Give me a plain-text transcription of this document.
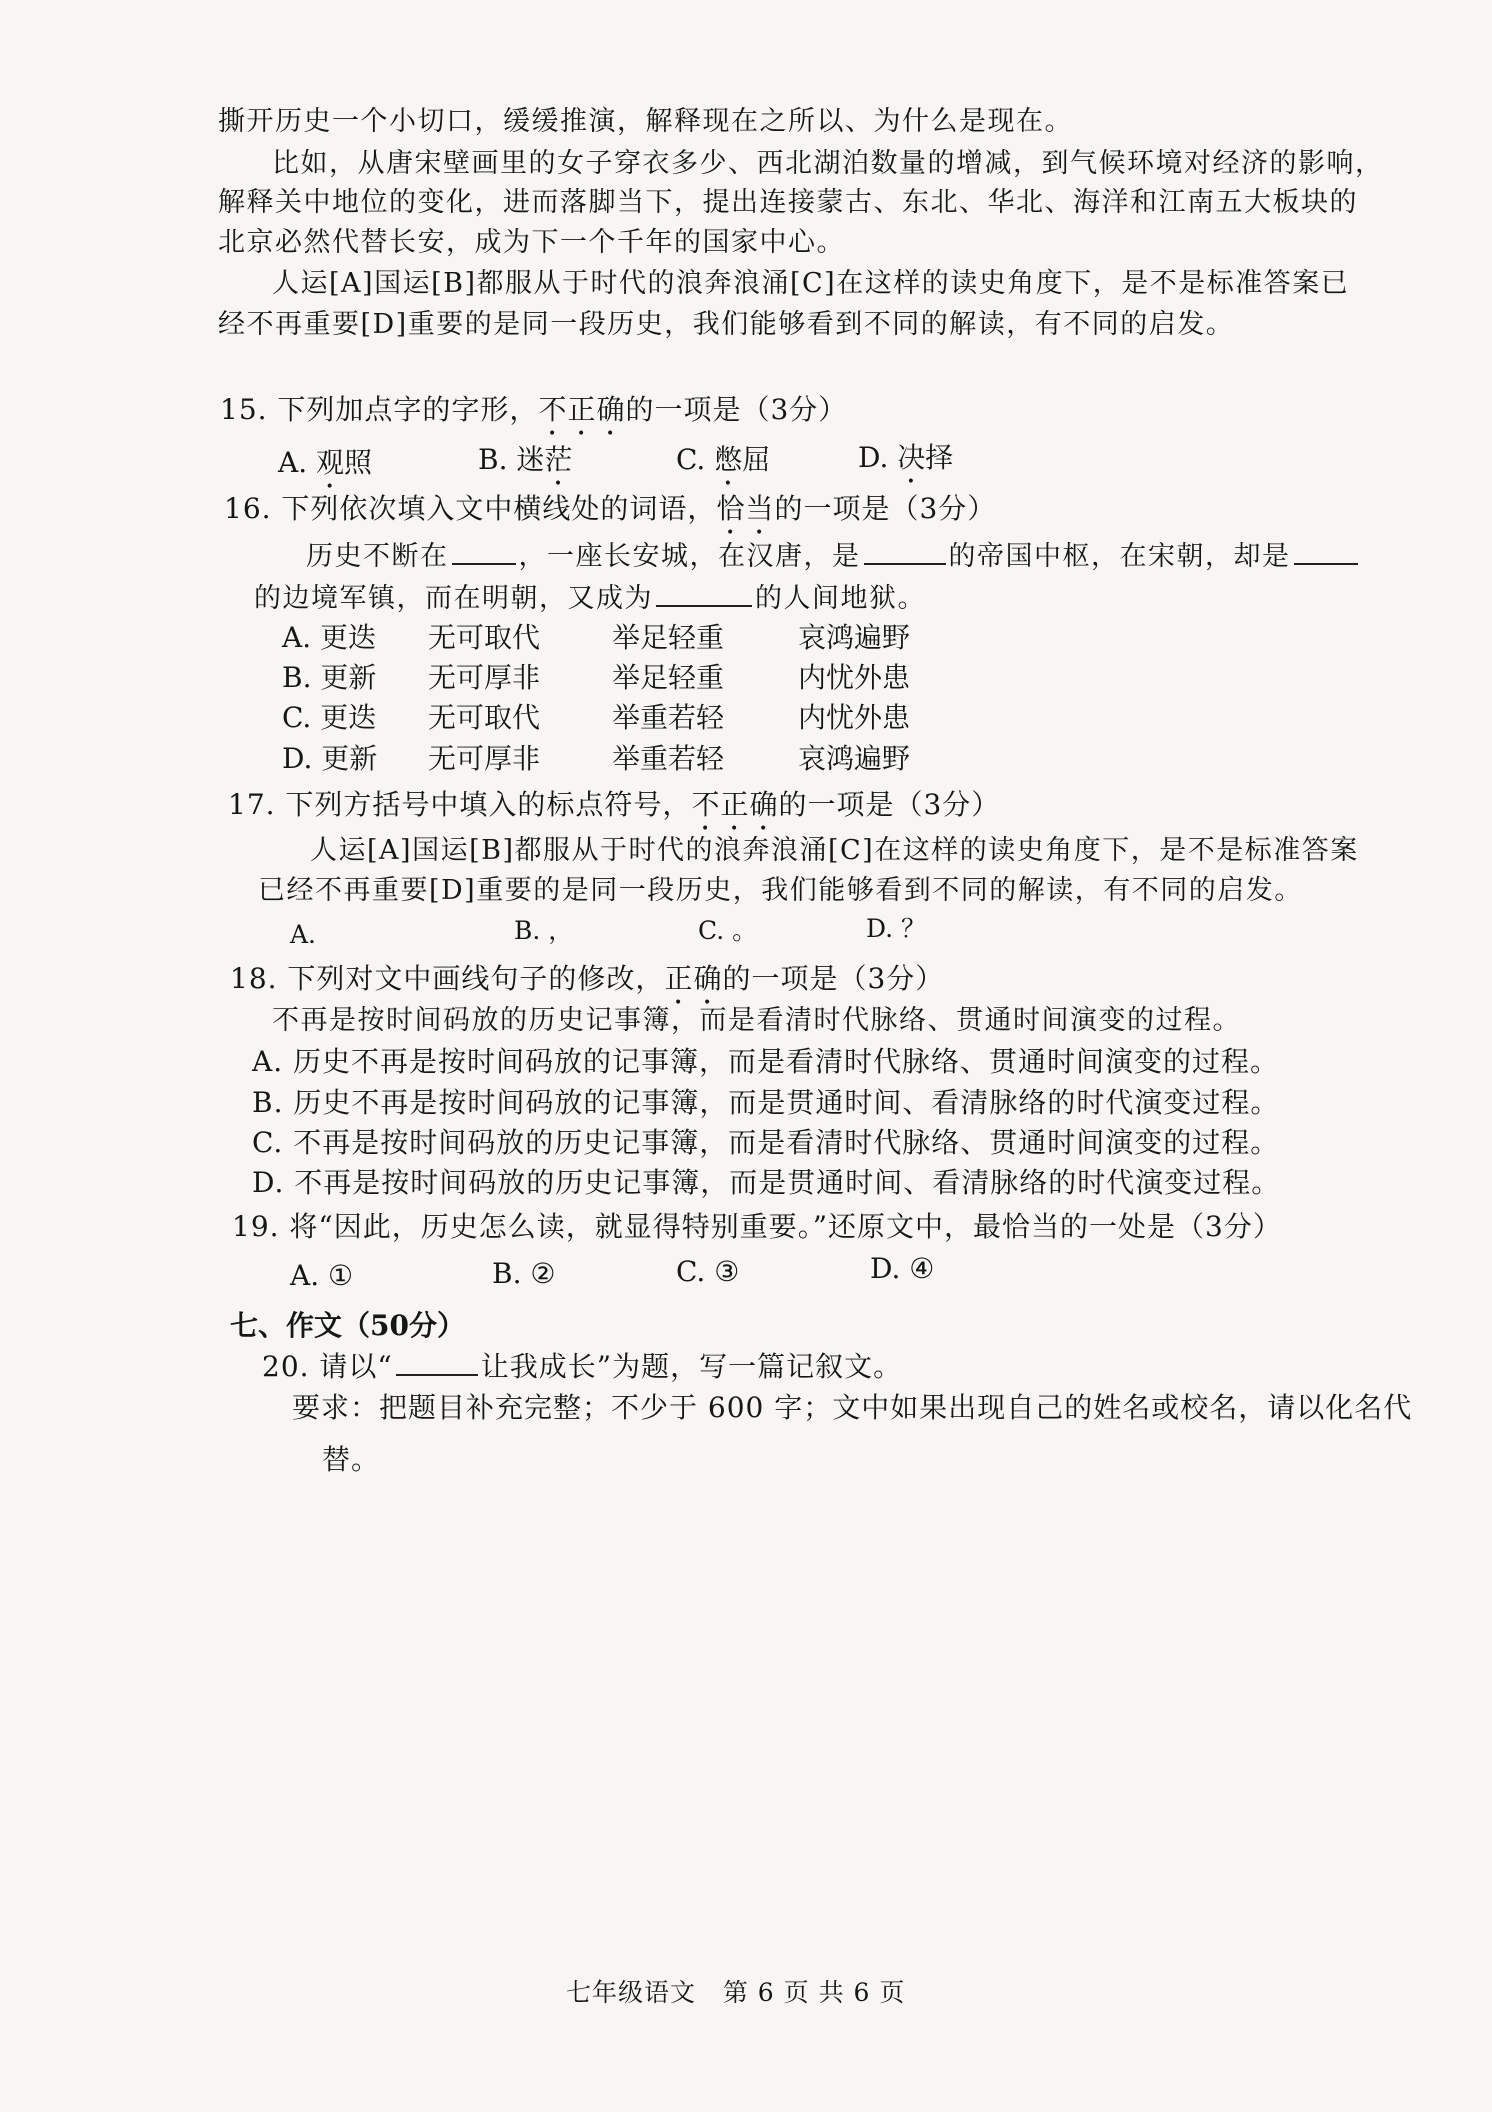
撕开历史一个小切口，缓缓推演，解释现在之所以、为什么是现在。
比如，从唐宋壁画里的女子穿衣多少、西北湖泊数量的增减，到气候环境对经济的影响，
解释关中地位的变化，进而落脚当下，提出连接蒙古、东北、华北、海洋和江南五大板块的
北京必然代替长安，成为下一个千年的国家中心。
人运[A]国运[B]都服从于时代的浪奔浪涌[C]在这样的读史角度下，是不是标准答案已
经不再重要[D]重要的是同一段历史，我们能够看到不同的解读，有不同的启发。
15. 下列加点字的字形，不正确的一项是（3分）
A. 观照	B. 迷茫	C. 憋屈	D. 决择
16. 下列依次填入文中横线处的词语，恰当的一项是（3分）
历史不断在	，一座长安城，在汉唐，是	的帝国中枢，在宋朝，却是
的边境军镇，而在明朝，又成为	的人间地狱。
A. 更迭 无可取代	举足轻重	哀鸿遍野
B. 更新 无可厚非	举足轻重	内忧外患
C. 更迭 无可取代	举重若轻	内忧外患
D. 更新 无可厚非	举重若轻	哀鸿遍野
17. 下列方括号中填入的标点符号，不正确的一项是（3分）
人运[A]国运[B]都服从于时代的浪奔浪涌[C]在这样的读史角度下，是不是标准答案
已经不再重要[D]重要的是同一段历史，我们能够看到不同的解读，有不同的启发。
A.	B. ，	C. 。	D. ？
18. 下列对文中画线句子的修改，正确的一项是（3分）
不再是按时间码放的历史记事簿，而是看清时代脉络、贯通时间演变的过程。
A. 历史不再是按时间码放的记事簿，而是看清时代脉络、贯通时间演变的过程。
B. 历史不再是按时间码放的记事簿，而是贯通时间、看清脉络的时代演变过程。
C. 不再是按时间码放的历史记事簿，而是看清时代脉络、贯通时间演变的过程。
D. 不再是按时间码放的历史记事簿，而是贯通时间、看清脉络的时代演变过程。
19. 将“因此，历史怎么读，就显得特别重要。”还原文中，最恰当的一处是（3分）
A. ①	B. ②	C. ③	D. ④
七、作文（50分）
20. 请以“	让我成长”为题，写一篇记叙文。
要求：把题目补充完整；不少于 600 字；文中如果出现自己的姓名或校名，请以化名代
替。
七年级语文   第 6 页 共 6 页
